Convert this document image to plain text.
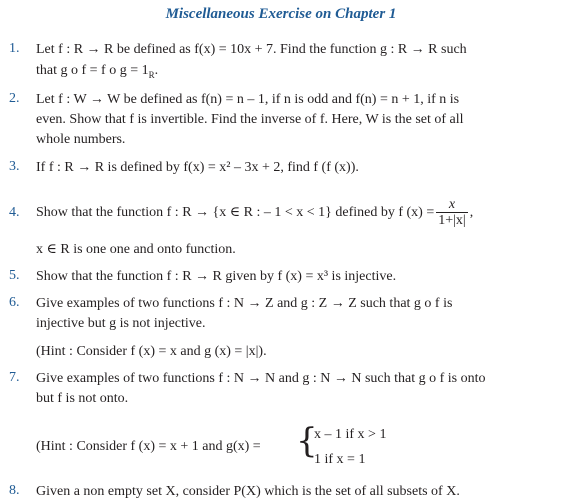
Miscellaneous Exercise on Chapter 1
1. Let f : R → R be defined as f(x) = 10x + 7. Find the function g : R → R such
that g o f = f o $g = 1_R$.
2. Let f : W → W be defined as f(n) = n – 1, if n is odd and f(n) = n + 1, if n is
even. Show that f is invertible. Find the inverse of f. Here, W is the set of all
whole numbers.
3. If f : R → R is defined by f(x) = x² – 3x + 2, find f (f (x)).
4. Show that the function f : R → {x ∈ R : – 1 < x < 1} defined by f $(x) = \frac{x}{1+|x|}$ ,
x ∈ R is one one and onto function.
5. Show that the function f : R → R given by f (x) = x³ is injective.
6. Give examples of two functions f : N → Z and g : Z → Z such that g o f is
injective but g is not injective.
(Hint : Consider f (x) = x and g (x) = |x|).
7. Give examples of two functions f : N → N and g : N → N such that g o f is onto
but f is not onto.
(Hint : Consider f (x) = x + 1 and g(x) = {
x – 1 if x > 1
1 if x = 1
8. Given a non empty set X, consider P(X) which is the set of all subsets of X.
